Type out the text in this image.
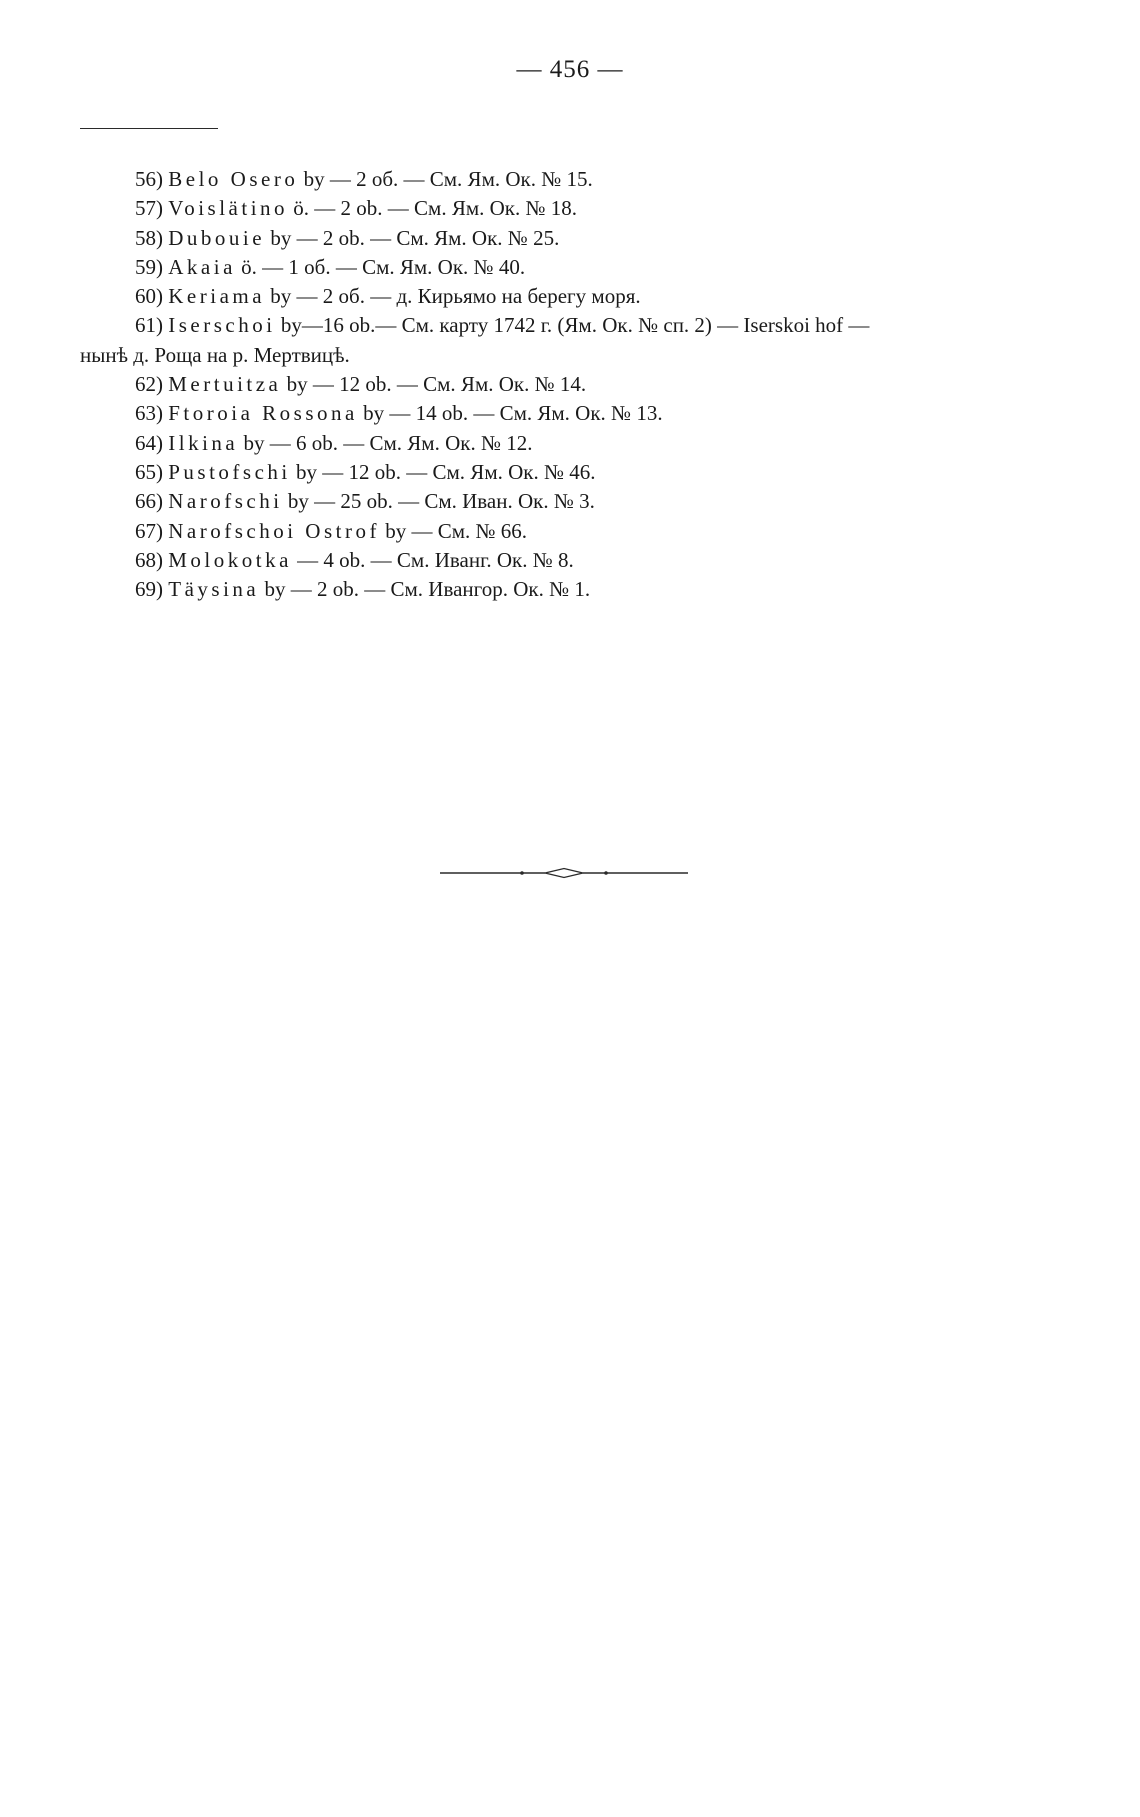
— 456 —

56) Belo Osero by — 2 об. — См. Ям. Ок. № 15.

57) Voislätino ö. — 2 ob. — См. Ям. Ок. № 18.

58) Dubouie by — 2 ob. — См. Ям. Ок. № 25.

59) Akaia ö. — 1 об. — См. Ям. Ок. № 40.

60) Keriama by — 2 об. — д. Кирьямо на берегу моря.

61) Iserschoi by—16 ob.— См. карту 1742 г. (Ям. Ок. № сп. 2) — Iserskoi hof —

нынѣ д. Роща на р. Мертвицѣ.

62) Mertuitza by — 12 ob. — См. Ям. Ок. № 14.

63) Ftoroia Rossona by — 14 ob. — См. Ям. Ок. № 13.

64) Ilkina by — 6 ob. — См. Ям. Ок. № 12.

65) Pustofschi by — 12 ob. — См. Ям. Ок. № 46.

66) Narofschi by — 25 ob. — См. Иван. Ок. № 3.

67) Narofschoi Ostrof by — См. № 66.

68) Molokotka — 4 ob. — См. Иванг. Ок. № 8.

69) Täysina by — 2 ob. — См. Ивангор. Ок. № 1.
